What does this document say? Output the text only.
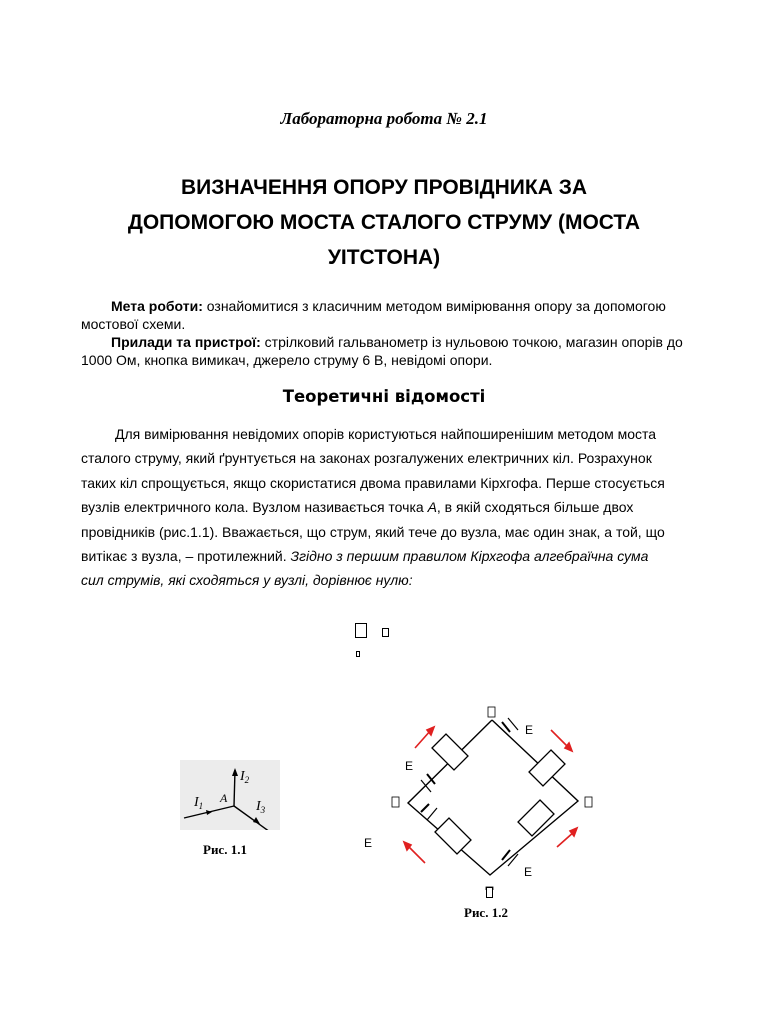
Лабораторна робота № 2.1
ВИЗНАЧЕННЯ ОПОРУ ПРОВІДНИКА ЗА
ДОПОМОГОЮ МОСТА СТАЛОГО СТРУМУ (МОСТА
УІТСТОНА)

Мета роботи: ознайомитися з класичним методом вимірювання опору за допомогою мостової схеми.

Прилади та пристрої: стрілковий гальванометр із нульовою точкою, магазин опорів до 1000 Ом, кнопка вимикач, джерело струму 6 В, невідомі опори.

Теоретичні відомості
Для вимірювання невідомих опорів користуються найпоширенішим методом моста
сталого струму, який ґрунтується на законах розгалужених електричних кіл. Розрахунок
таких кіл спрощується, якщо скористатися двома правилами Кірхгофа. Перше стосується
вузлів електричного кола. Вузлом називається точка А, в якій сходяться більше двох
провідників (рис.1.1). Вважається, що струм, який тече до вузла, має один знак, а той, що
витікає з вузла, – протилежний. Згідно з першим правилом Кірхгофа алгебраїчна сума
сил струмів, які сходяться у вузлі, дорівнює нулю:
$I_1$
$I_2$
$I_3$
A
Рис. 1.1
E
E
E
E
Рис. 1.2
